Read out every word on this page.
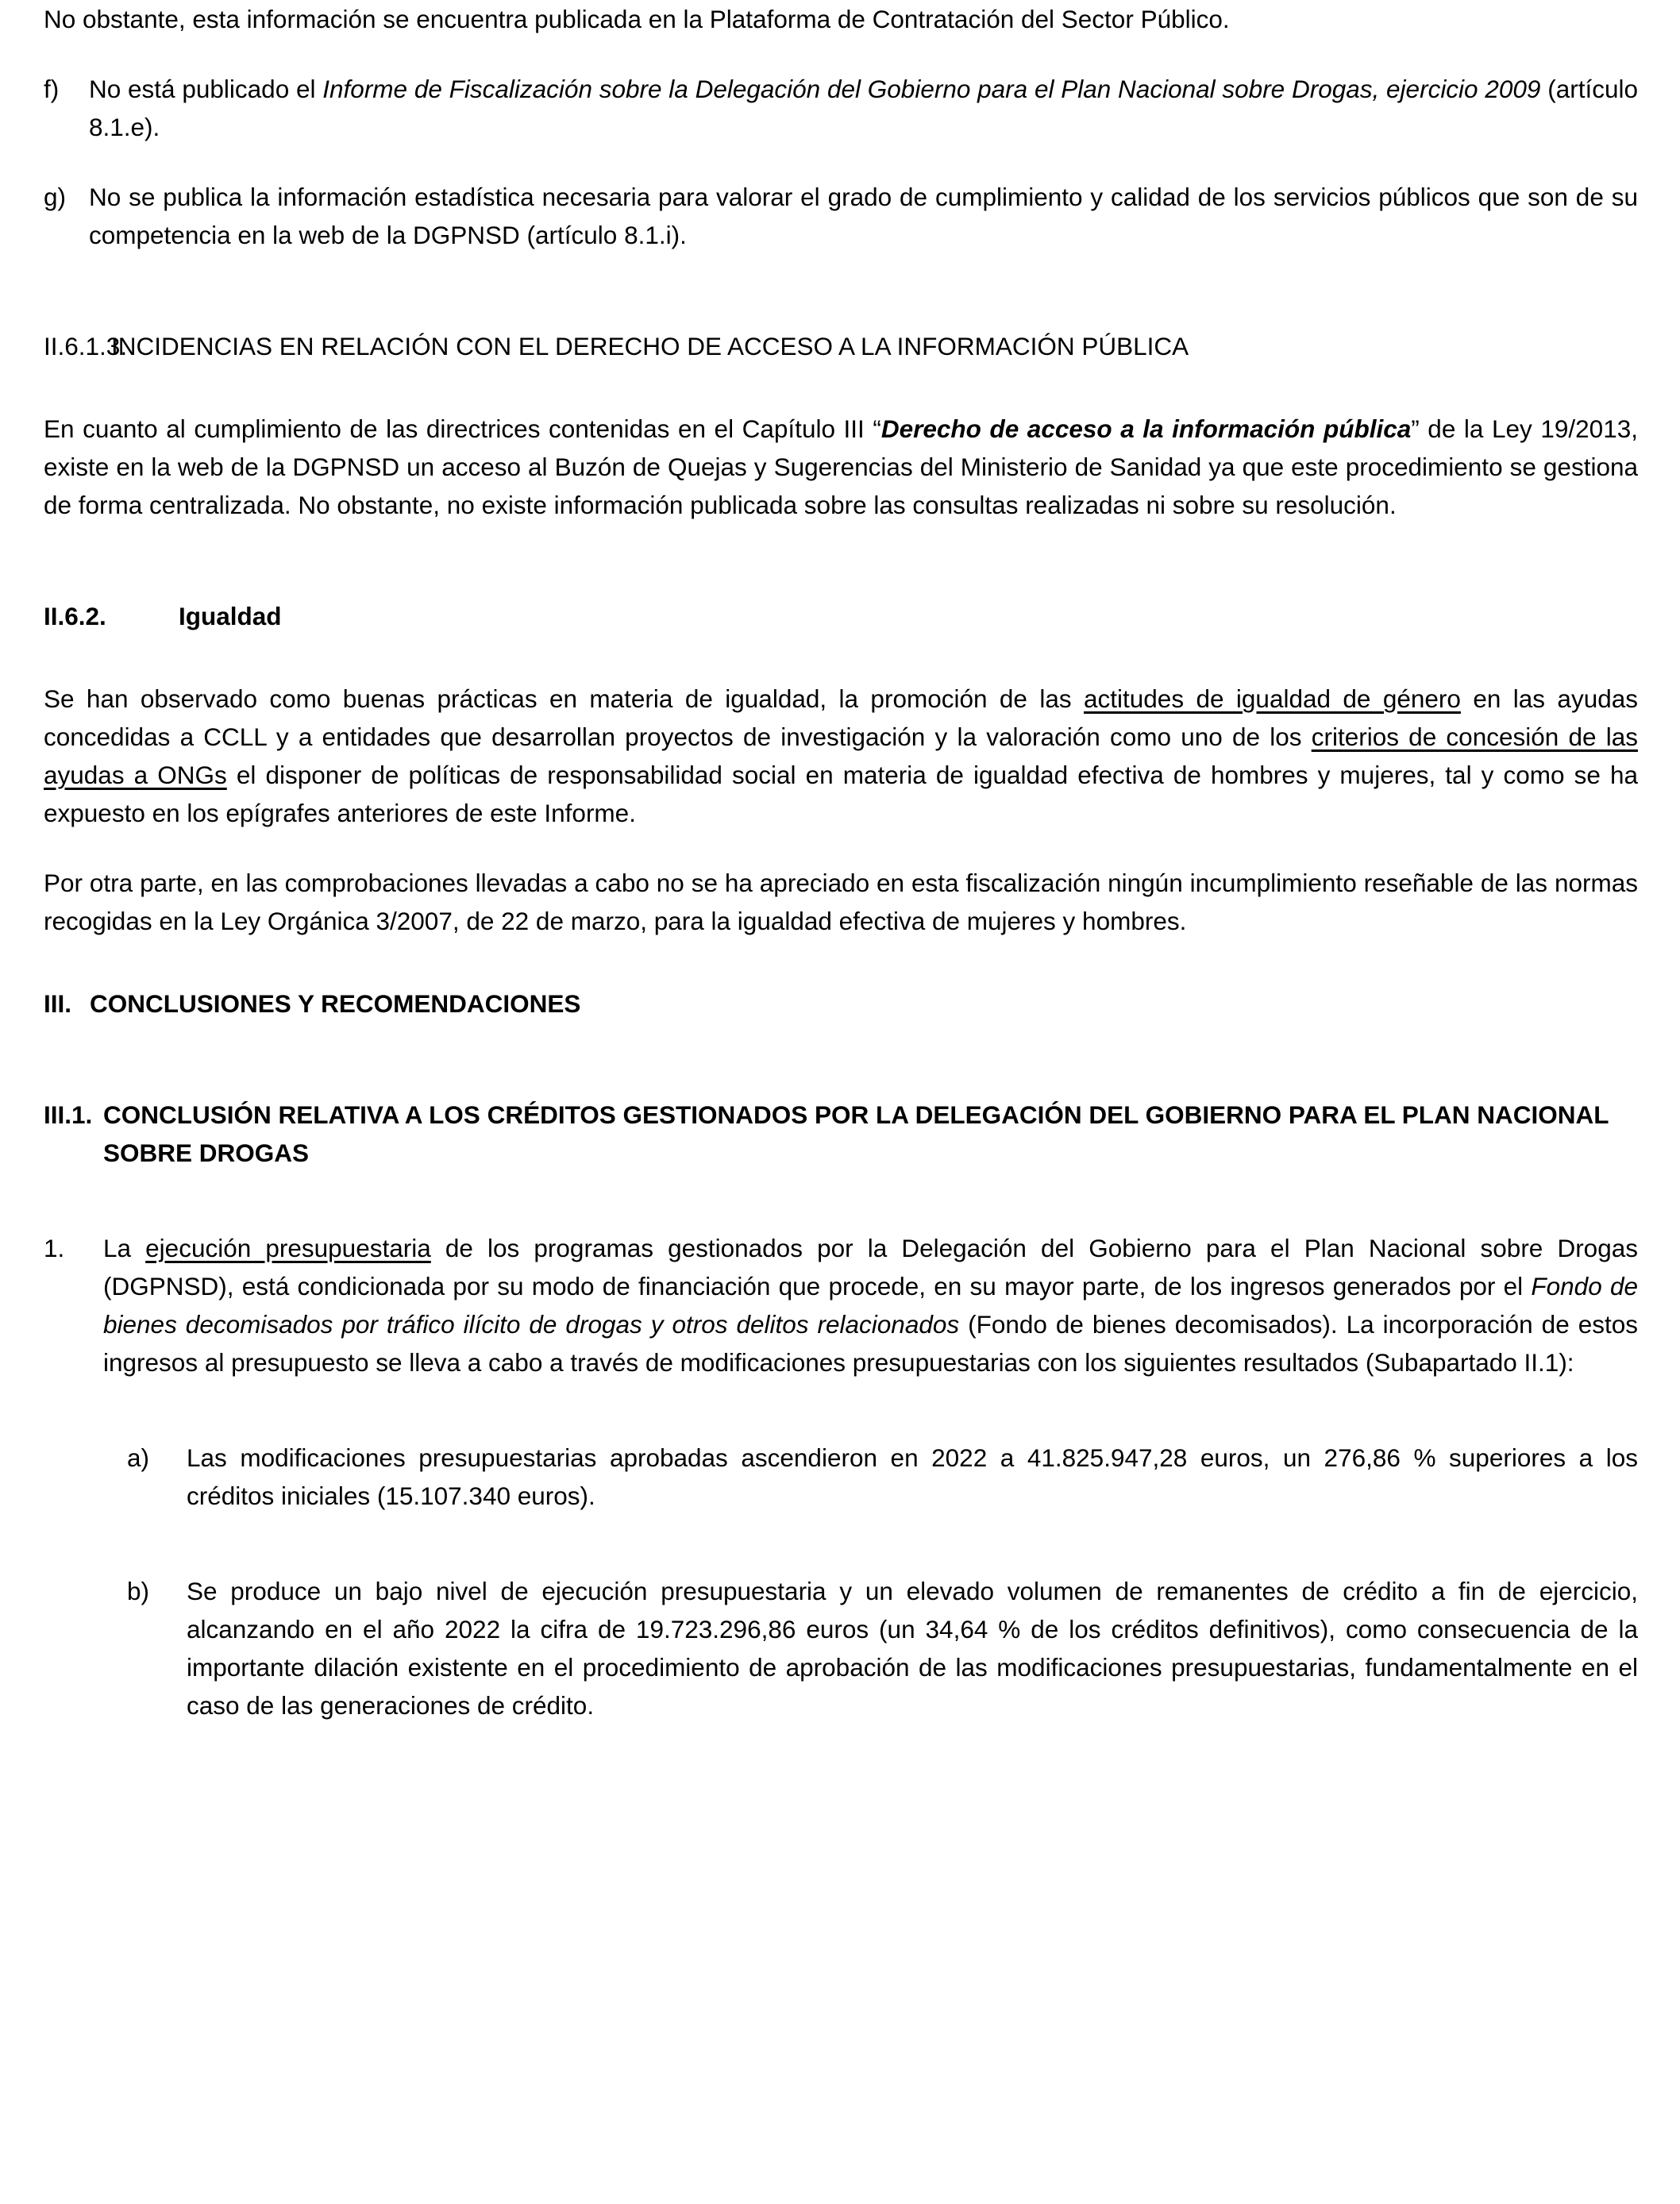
No obstante, esta información se encuentra publicada en la Plataforma de Contratación del Sector Público.

f)	No está publicado el Informe de Fiscalización sobre la Delegación del Gobierno para el Plan Nacional sobre Drogas, ejercicio 2009 (artículo 8.1.e).
g) No se publica la información estadística necesaria para valorar el grado de cumplimiento y calidad de los servicios públicos que son de su competencia en la web de la DGPNSD (artículo 8.1.i).
II.6.1.3.
INCIDENCIAS EN RELACIÓN CON EL DERECHO DE ACCESO A LA INFORMACIÓN PÚBLICA

En cuanto al cumplimiento de las directrices contenidas en el Capítulo III “Derecho de acceso a la información pública” de la Ley 19/2013, existe en la web de la DGPNSD un acceso al Buzón de Quejas y Sugerencias del Ministerio de Sanidad ya que este procedimiento se gestiona de forma centralizada. No obstante, no existe información publicada sobre las consultas realizadas ni sobre su resolución.

II.6.2.	Igualdad

Se han observado como buenas prácticas en materia de igualdad, la promoción de las actitudes de igualdad de género en las ayudas concedidas a CCLL y a entidades que desarrollan proyectos de investigación y la valoración como uno de los criterios de concesión de las ayudas a ONGs el disponer de políticas de responsabilidad social en materia de igualdad efectiva de hombres y mujeres, tal y como se ha expuesto en los epígrafes anteriores de este Informe.

Por otra parte, en las comprobaciones llevadas a cabo no se ha apreciado en esta fiscalización ningún incumplimiento reseñable de las normas recogidas en la Ley Orgánica 3/2007, de 22 de marzo, para la igualdad efectiva de mujeres y hombres.

III. CONCLUSIONES Y RECOMENDACIONES
III.1. CONCLUSIÓN RELATIVA A LOS CRÉDITOS GESTIONADOS POR LA DELEGACIÓN DEL GOBIERNO PARA EL PLAN NACIONAL SOBRE DROGAS
1.	La ejecución presupuestaria de los programas gestionados por la Delegación del Gobierno para el Plan Nacional sobre Drogas (DGPNSD), está condicionada por su modo de financiación que procede, en su mayor parte, de los ingresos generados por el Fondo de bienes decomisados por tráfico ilícito de drogas y otros delitos relacionados (Fondo de bienes decomisados). La incorporación de estos ingresos al presupuesto se lleva a cabo a través de modificaciones presupuestarias con los siguientes resultados (Subapartado II.1):
a)	Las modificaciones presupuestarias aprobadas ascendieron en 2022 a 41.825.947,28 euros, un 276,86 % superiores a los créditos iniciales (15.107.340 euros).
b)	Se produce un bajo nivel de ejecución presupuestaria y un elevado volumen de remanentes de crédito a fin de ejercicio, alcanzando en el año 2022 la cifra de 19.723.296,86 euros (un 34,64 % de los créditos definitivos), como consecuencia de la importante dilación existente en el procedimiento de aprobación de las modificaciones presupuestarias, fundamentalmente en el caso de las generaciones de crédito.
